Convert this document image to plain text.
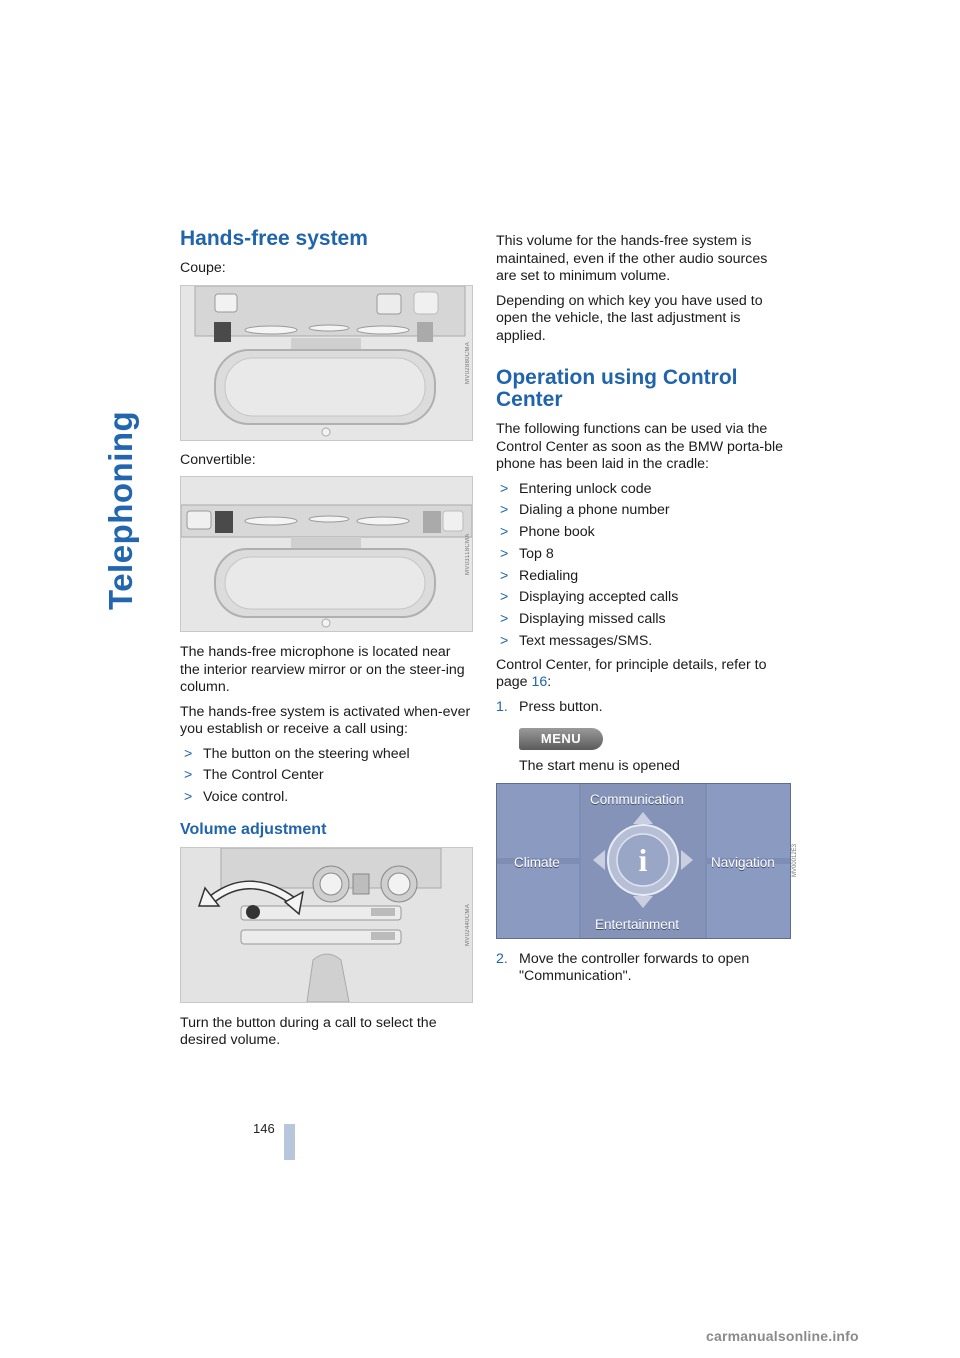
Telephoning
Hands-free system

Coupe:

MV02880CMA

Convertible:

MV03118CMA

The hands-free microphone is located near the interior rearview mirror or on the steer-ing column.

The hands-free system is activated when-ever you establish or receive a call using:

> The button on the steering wheel
> The Control Center
> Voice control.
Volume adjustment
MV02440CMA

Turn the button during a call to select the desired volume.

This volume for the hands-free system is maintained, even if the other audio sources are set to minimum volume.

Depending on which key you have used to open the vehicle, the last adjustment is applied.

Operation using Control Center

The following functions can be used via the Control Center as soon as the BMW porta-ble phone has been laid in the cradle:

> Entering unlock code
> Dialing a phone number
> Phone book
> Top 8
> Redialing
> Displaying accepted calls
> Displaying missed calls
> Text messages/SMS.

Control Center, for principle details, refer to page 16:

1. Press button.
MENU

The start menu is opened

Communication
Climate	Navigation
Entertainment
i	MV00012E3
2. Move the controller forwards to open "Communication".
146
carmanualsonline.info
